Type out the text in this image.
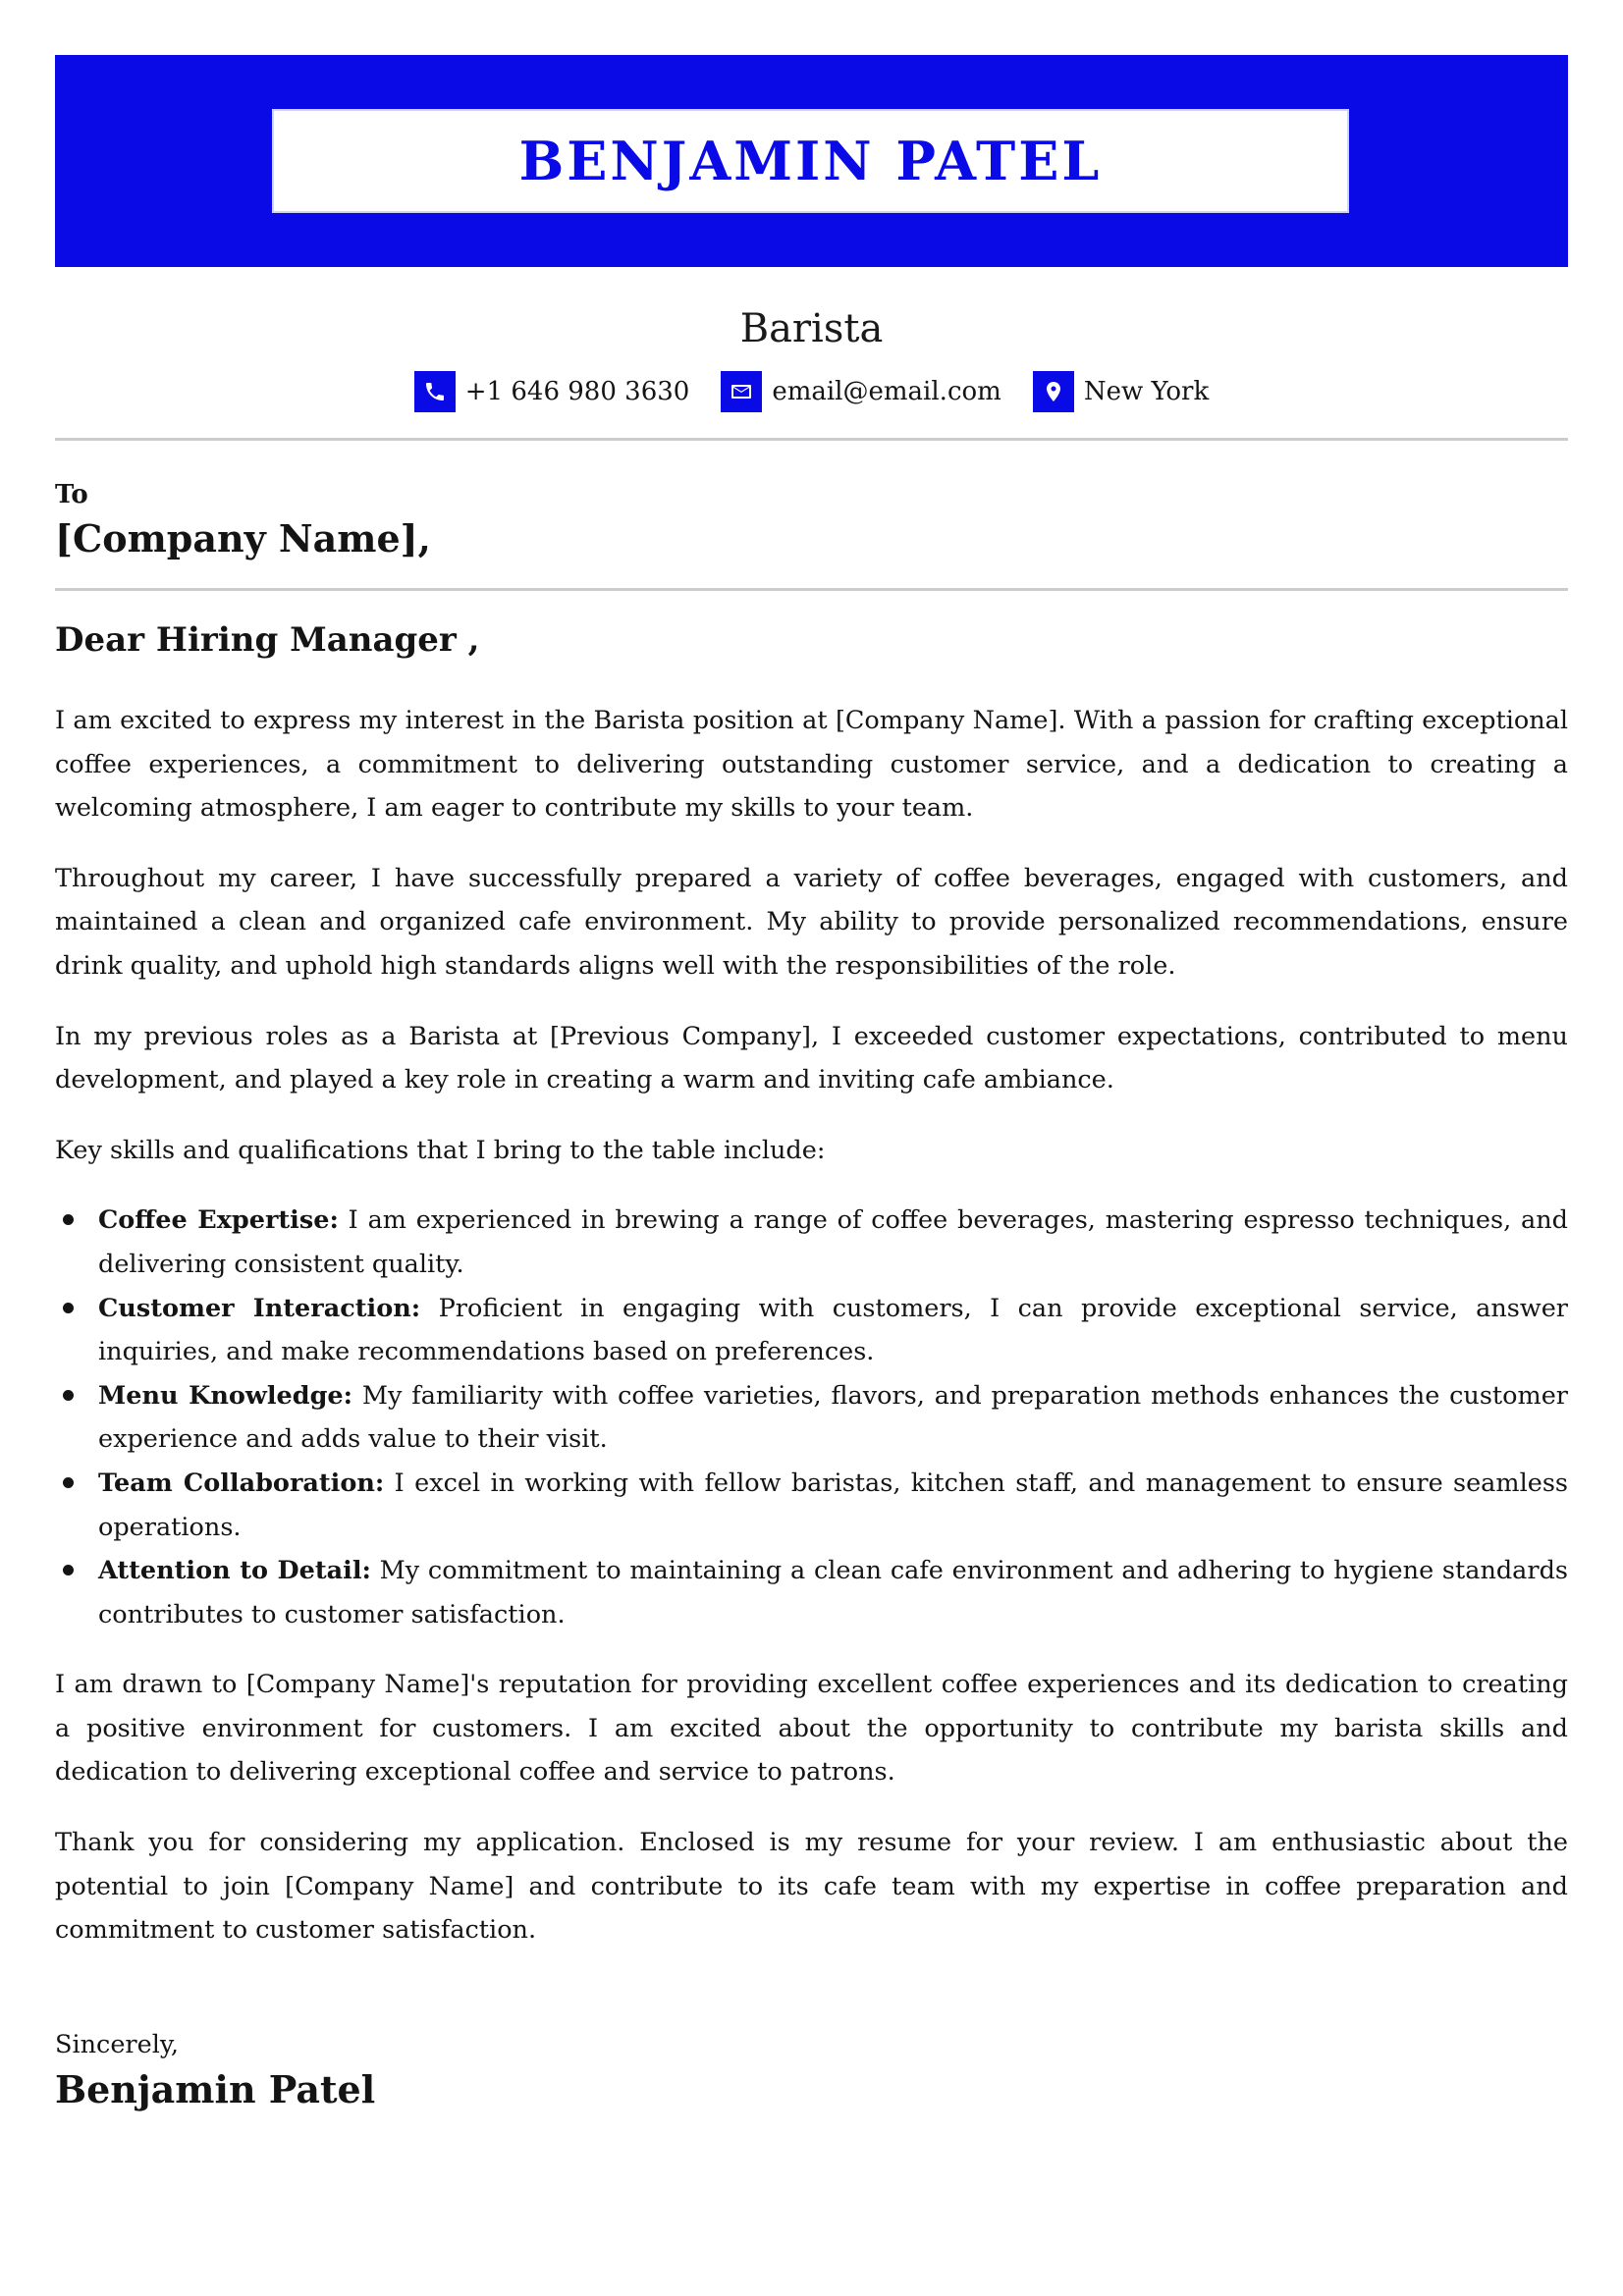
BENJAMIN PATEL
Barista
+1 646 980 3630	email@email.com	New York
To
[Company Name],
Dear Hiring Manager ,

I am excited to express my interest in the Barista position at [Company Name]. With a passion for crafting exceptional coffee experiences, a commitment to delivering outstanding customer service, and a dedication to creating a welcoming atmosphere, I am eager to contribute my skills to your team.

Throughout my career, I have successfully prepared a variety of coffee beverages, engaged with customers, and maintained a clean and organized cafe environment. My ability to provide personalized recommendations, ensure drink quality, and uphold high standards aligns well with the responsibilities of the role.

In my previous roles as a Barista at [Previous Company], I exceeded customer expectations, contributed to menu development, and played a key role in creating a warm and inviting cafe ambiance.

Key skills and qualifications that I bring to the table include:

Coffee Expertise: I am experienced in brewing a range of coffee beverages, mastering espresso techniques, and delivering consistent quality.
Customer Interaction: Proficient in engaging with customers, I can provide exceptional service, answer inquiries, and make recommendations based on preferences.
Menu Knowledge: My familiarity with coffee varieties, flavors, and preparation methods enhances the customer experience and adds value to their visit.
Team Collaboration: I excel in working with fellow baristas, kitchen staff, and management to ensure seamless operations.
Attention to Detail: My commitment to maintaining a clean cafe environment and adhering to hygiene standards contributes to customer satisfaction.

I am drawn to [Company Name]'s reputation for providing excellent coffee experiences and its dedication to creating a positive environment for customers. I am excited about the opportunity to contribute my barista skills and dedication to delivering exceptional coffee and service to patrons.

Thank you for considering my application. Enclosed is my resume for your review. I am enthusiastic about the potential to join [Company Name] and contribute to its cafe team with my expertise in coffee preparation and commitment to customer satisfaction.

Sincerely,
Benjamin Patel
